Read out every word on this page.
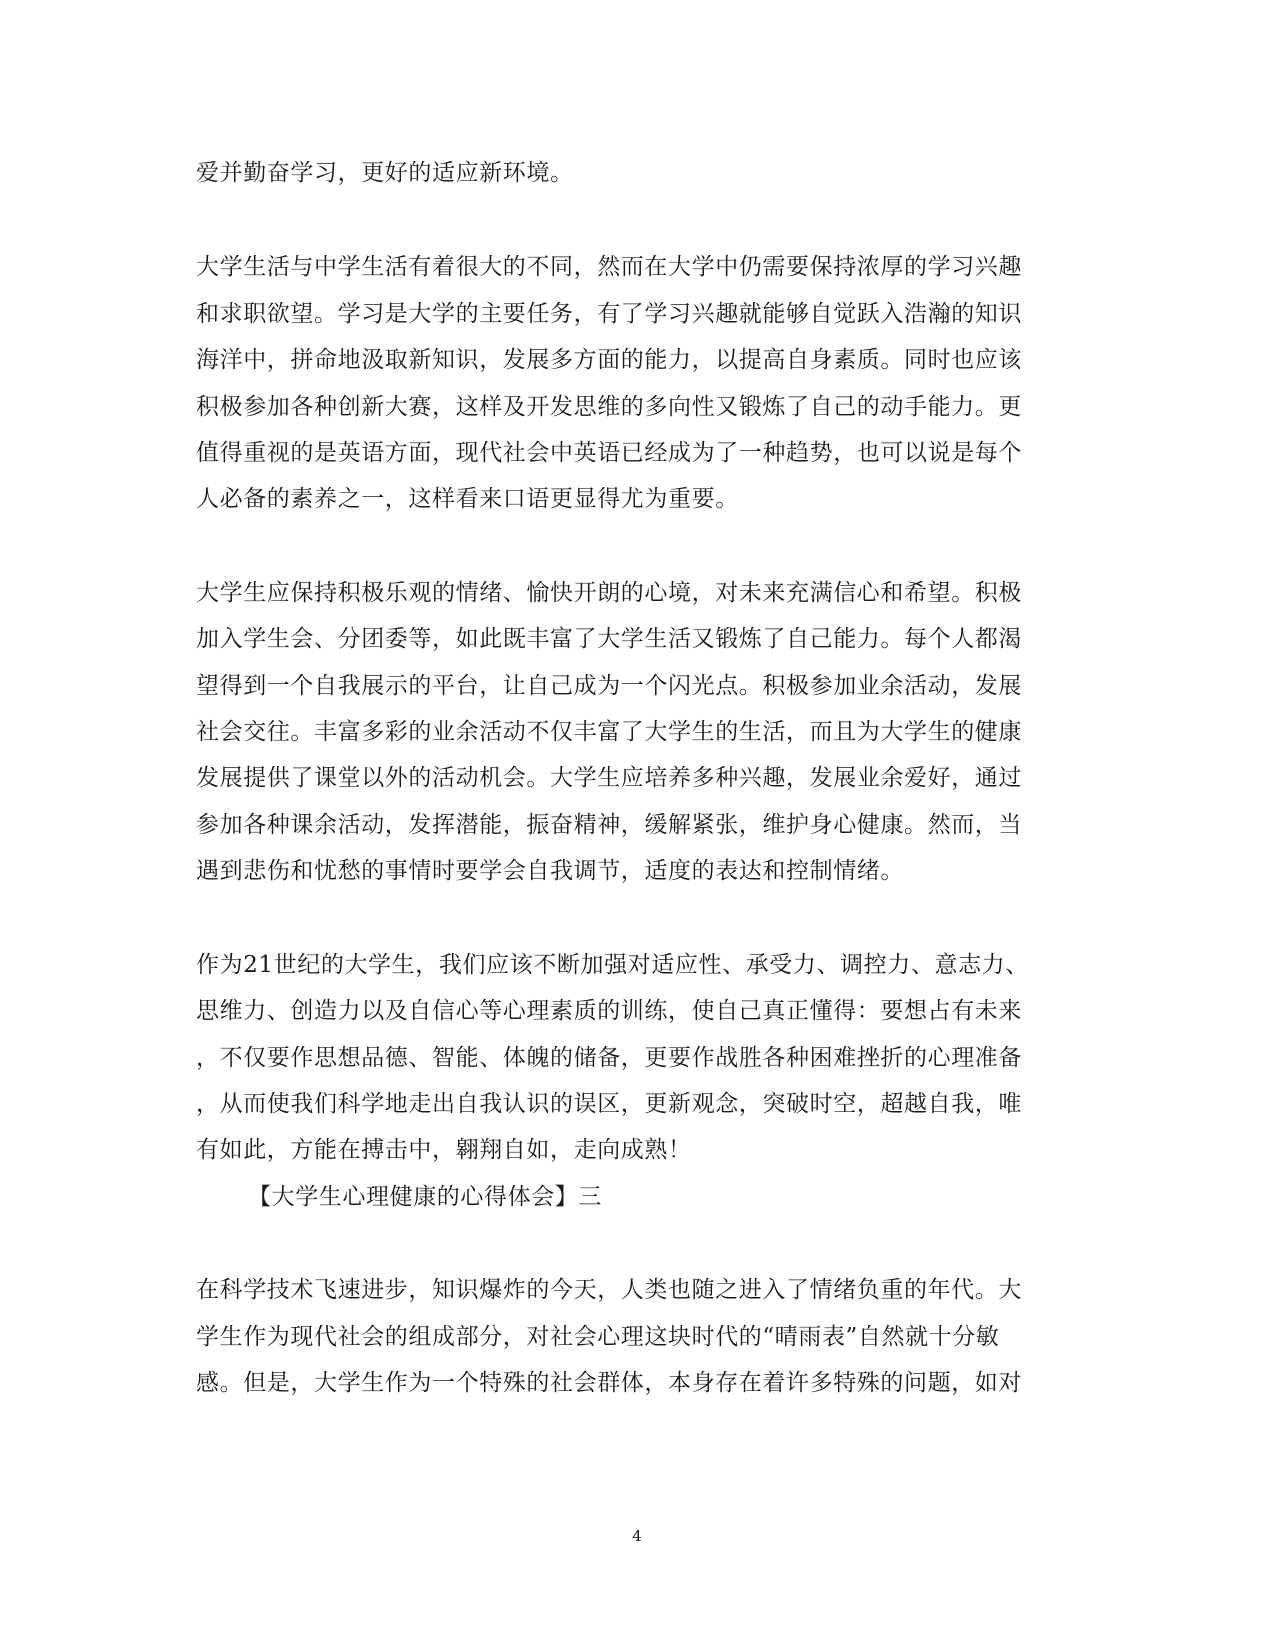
爱并勤奋学习，更好的适应新环境。
大学生活与中学生活有着很大的不同，然而在大学中仍需要保持浓厚的学习兴趣
和求职欲望。学习是大学的主要任务，有了学习兴趣就能够自觉跃入浩瀚的知识
海洋中，拼命地汲取新知识，发展多方面的能力，以提高自身素质。同时也应该
积极参加各种创新大赛，这样及开发思维的多向性又锻炼了自己的动手能力。更
值得重视的是英语方面，现代社会中英语已经成为了一种趋势，也可以说是每个
人必备的素养之一，这样看来口语更显得尤为重要。
大学生应保持积极乐观的情绪、愉快开朗的心境，对未来充满信心和希望。积极
加入学生会、分团委等，如此既丰富了大学生活又锻炼了自己能力。每个人都渴
望得到一个自我展示的平台，让自己成为一个闪光点。积极参加业余活动，发展
社会交往。丰富多彩的业余活动不仅丰富了大学生的生活，而且为大学生的健康
发展提供了课堂以外的活动机会。大学生应培养多种兴趣，发展业余爱好，通过
参加各种课余活动，发挥潜能，振奋精神，缓解紧张，维护身心健康。然而，当
遇到悲伤和忧愁的事情时要学会自我调节，适度的表达和控制情绪。
作为21世纪的大学生，我们应该不断加强对适应性、承受力、调控力、意志力、
思维力、创造力以及自信心等心理素质的训练，使自己真正懂得：要想占有未来
，不仅要作思想品德、智能、体魄的储备，更要作战胜各种困难挫折的心理准备
，从而使我们科学地走出自我认识的误区，更新观念，突破时空，超越自我，唯
有如此，方能在搏击中，翱翔自如，走向成熟！
【大学生心理健康的心得体会】三
在科学技术飞速进步，知识爆炸的今天，人类也随之进入了情绪负重的年代。大
学生作为现代社会的组成部分，对社会心理这块时代的“晴雨表”自然就十分敏
感。但是，大学生作为一个特殊的社会群体，本身存在着许多特殊的问题，如对
4
